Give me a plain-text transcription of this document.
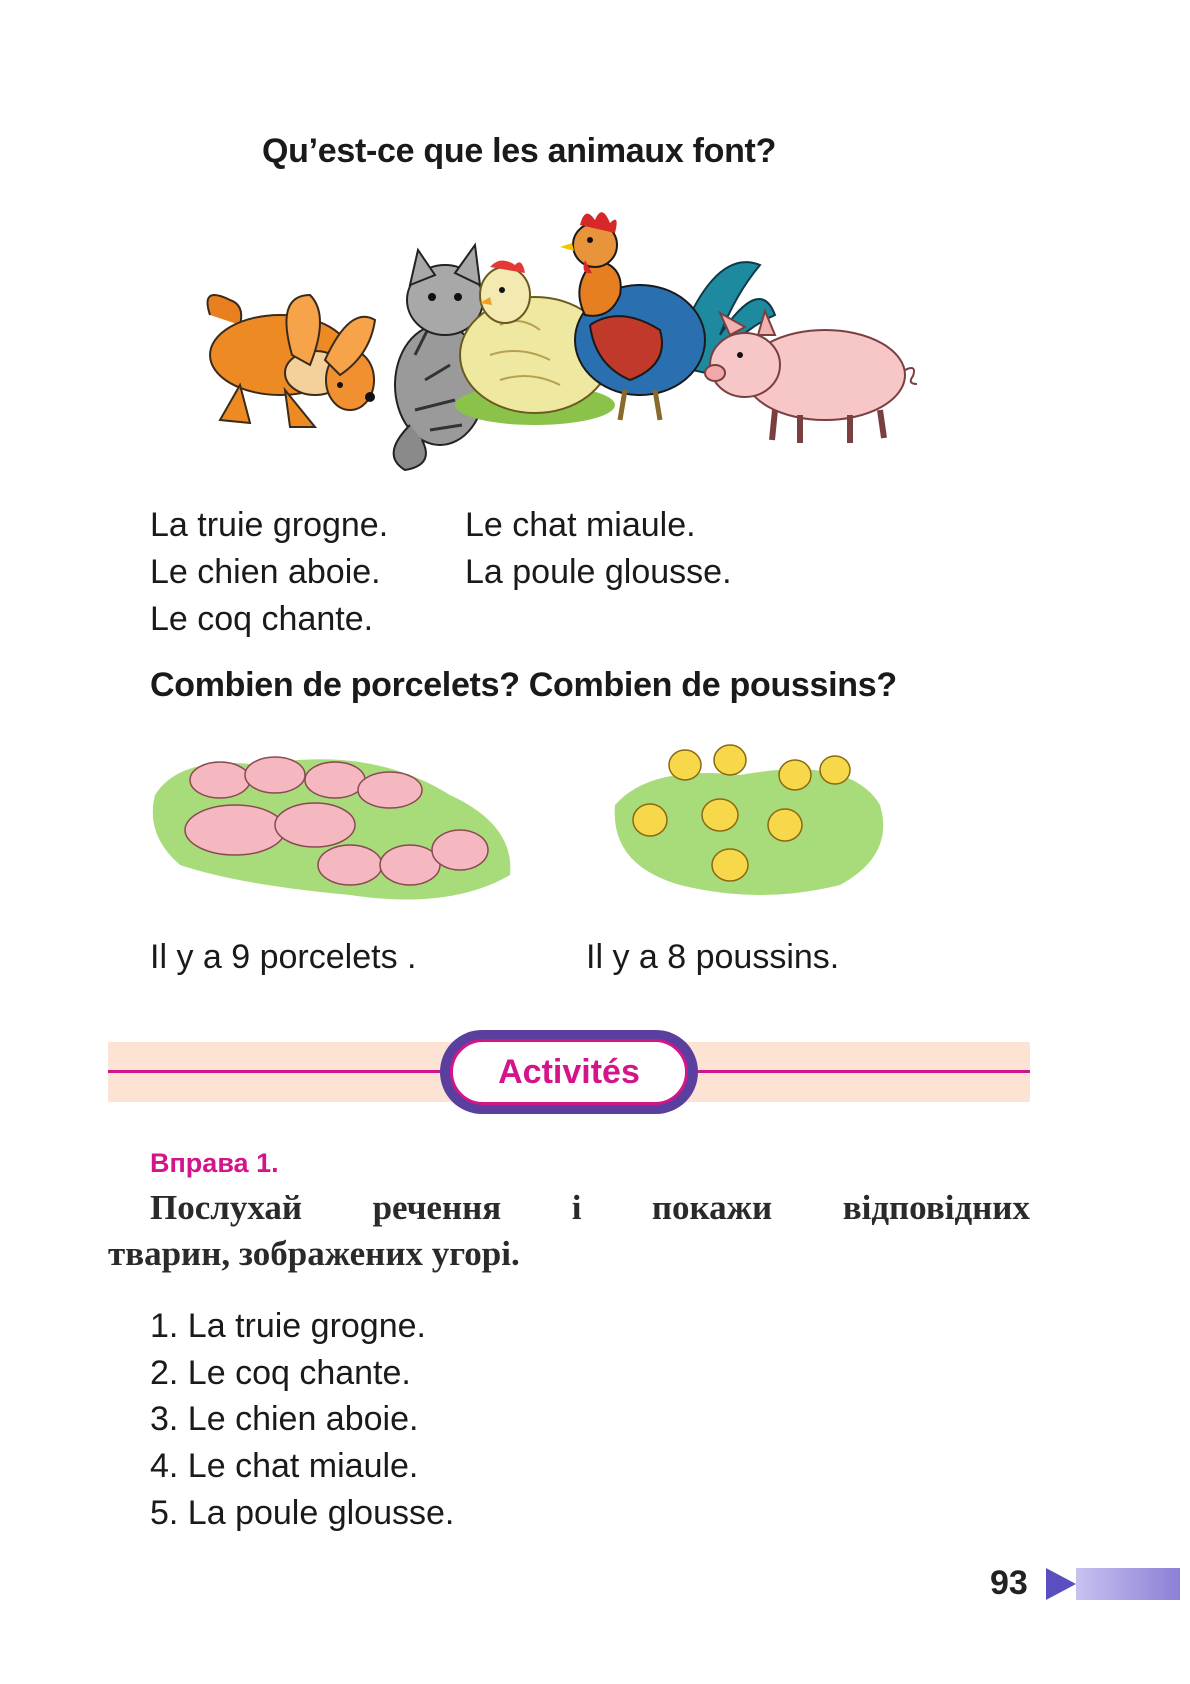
Qu’est-ce que les animaux font?
La truie grogne.
Le chien aboie.
Le coq chante.
Le chat miaule.
La poule glousse.
Combien de porcelets? Combien de poussins?
Il y a 9 porcelets .	Il y a 8 poussins.
Activités
Вправа 1.
Послухай речення і покажи відповідних
тварин, зображених угорі.
1. La truie grogne.
2. Le coq chante.
3. Le chien aboie.
4. Le chat miaule.
5. La poule glousse.
93
